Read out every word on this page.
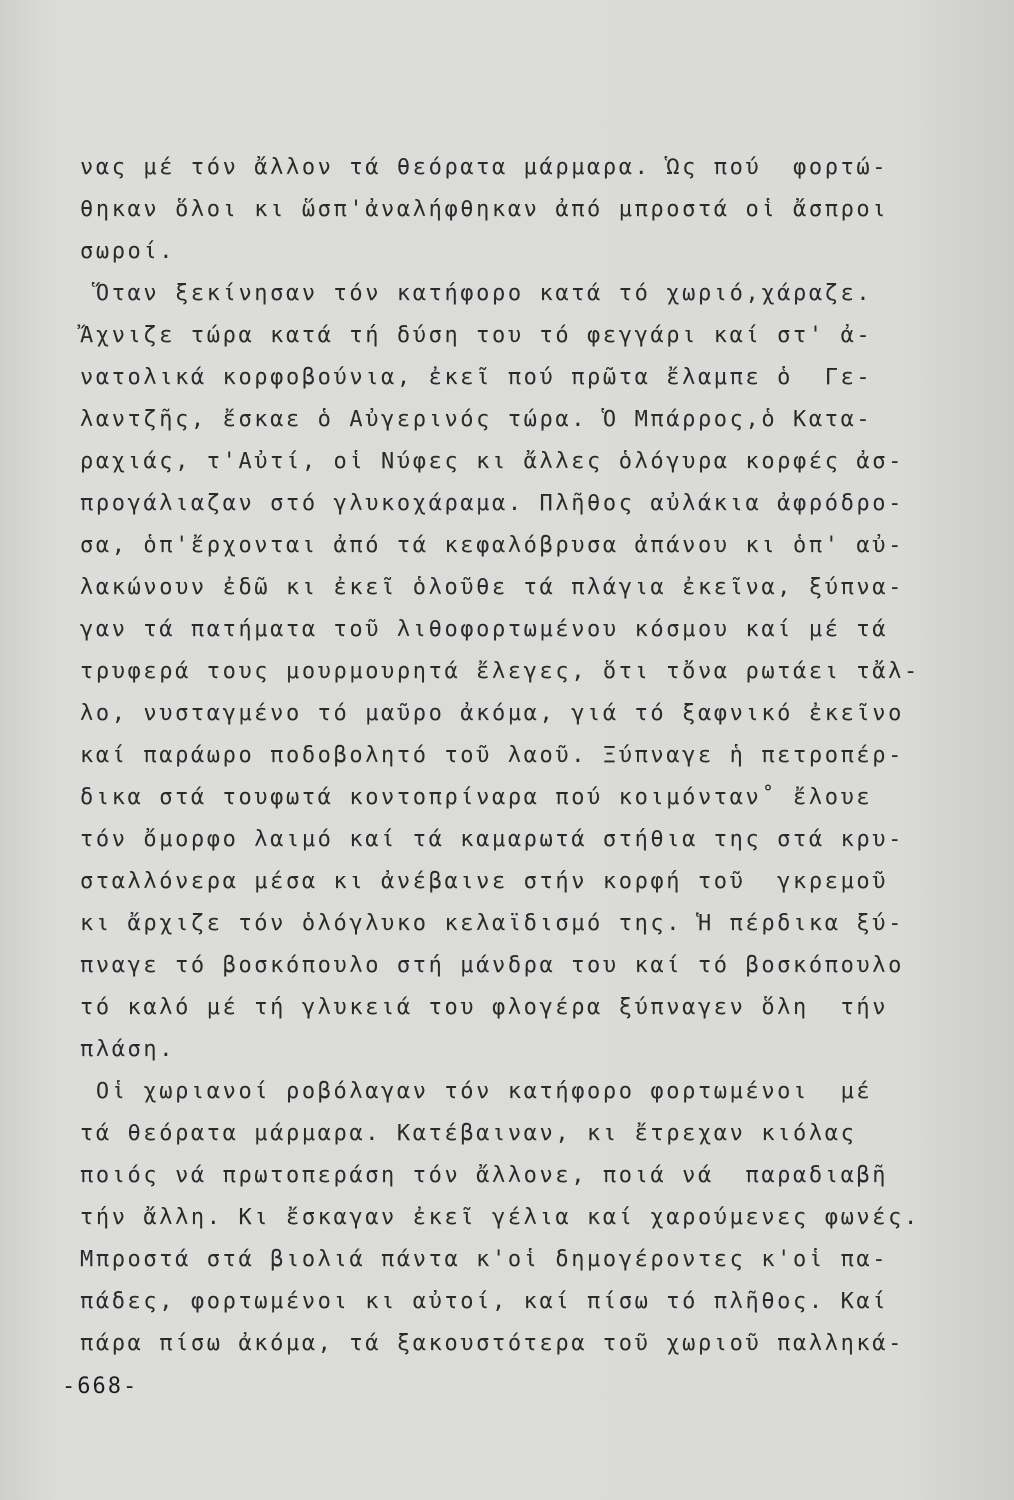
νας μέ τόν ἄλλον τά θεόρατα μάρμαρα. Ὡς πού  φορτώ-
θηκαν ὅλοι κι ὥσπ'ἀναλήφθηκαν ἀπό μπροστά οἱ ἄσπροι
σωροί.
Ὅταν ξεκίνησαν τόν κατήφορο κατά τό χωριό,χάραζε.
Ἄχνιζε τώρα κατά τή δύση του τό φεγγάρι καί στ' ἀ-
νατολικά κορφοβούνια, ἐκεῖ πού πρῶτα ἔλαμπε ὁ  Γε-
λαντζῆς, ἔσκαε ὁ Αὐγερινός τώρα. Ὁ Μπάρρος,ὁ Κατα-
ραχιάς, τ'Αὐτί, οἱ Νύφες κι ἄλλες ὁλόγυρα κορφές ἀσ-
προγάλιαζαν στό γλυκοχάραμα. Πλῆθος αὐλάκια ἀφρόδρο-
σα, ὁπ'ἔρχονται ἀπό τά κεφαλόβρυσα ἀπάνου κι ὁπ' αὐ-
λακώνουν ἐδῶ κι ἐκεῖ ὁλοῦθε τά πλάγια ἐκεῖνα, ξύπνα-
γαν τά πατήματα τοῦ λιθοφορτωμένου κόσμου καί μέ τά
τρυφερά τους μουρμουρητά ἔλεγες, ὅτι τὄνα ρωτάει τἄλ-
λο, νυσταγμένο τό μαῦρο ἀκόμα, γιά τό ξαφνικό ἐκεῖνο
καί παράωρο ποδοβολητό τοῦ λαοῦ. Ξύπναγε ἡ πετροπέρ-
δικα στά τουφωτά κοντοπρίναρα πού κοιμόνταν˚ ἔλουε
τόν ὄμορφο λαιμό καί τά καμαρωτά στήθια της στά κρυ-
σταλλόνερα μέσα κι ἀνέβαινε στήν κορφή τοῦ  γκρεμοῦ
κι ἄρχιζε τόν ὁλόγλυκο κελαϊδισμό της. Ἡ πέρδικα ξύ-
πναγε τό βοσκόπουλο στή μάνδρα του καί τό βοσκόπουλο
τό καλό μέ τή γλυκειά του φλογέρα ξύπναγεν ὅλη  τήν
πλάση.
Οἱ χωριανοί ροβόλαγαν τόν κατήφορο φορτωμένοι  μέ
τά θεόρατα μάρμαρα. Κατέβαιναν, κι ἔτρεχαν κιόλας
ποιός νά πρωτοπεράση τόν ἄλλονε, ποιά νά  παραδιαβῆ
τήν ἄλλη. Κι ἔσκαγαν ἐκεῖ γέλια καί χαρούμενες φωνές.
Μπροστά στά βιολιά πάντα κ'οἱ δημογέροντες κ'οἱ πα-
πάδες, φορτωμένοι κι αὐτοί, καί πίσω τό πλῆθος. Καί
πάρα πίσω ἀκόμα, τά ξακουστότερα τοῦ χωριοῦ παλληκά-
-668-
